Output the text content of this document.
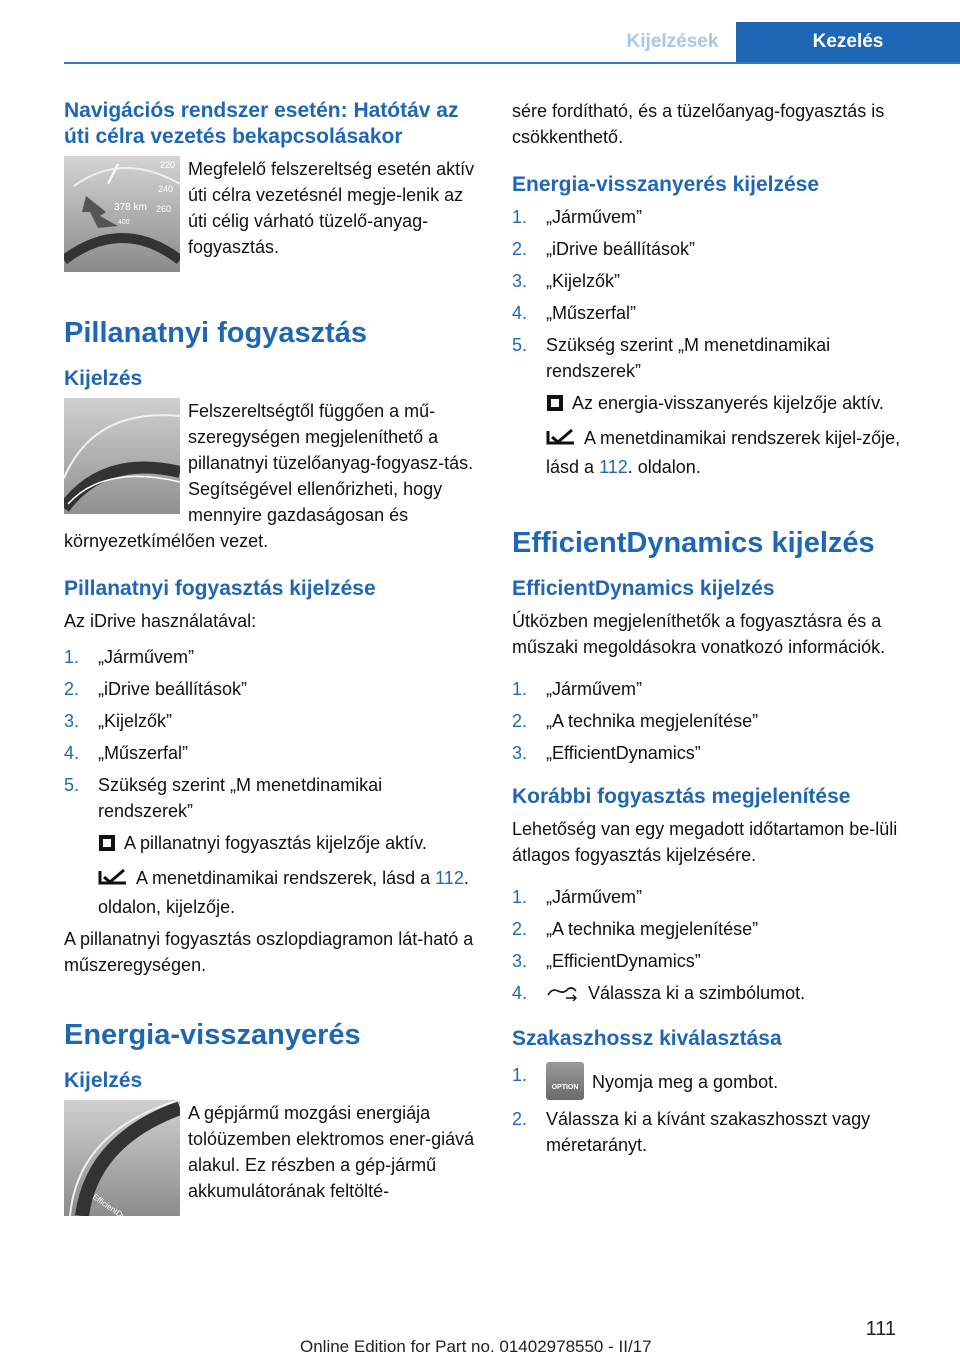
Kijelzések	Kezelés
Navigációs rendszer esetén: Hatótáv az úti célra vezetés bekapcsolásakor
220
240
260
378 km
400

Megfelelő felszereltség esetén aktív úti célra vezetésnél megje-lenik az úti célig várható tüzelő-anyag-fogyasztás.

Pillanatnyi fogyasztás
Kijelzés

Felszereltségtől függően a mű-szeregységen megjeleníthető a pillanatnyi tüzelőanyag-fogyasz-tás. Segítségével ellenőrizheti, hogy mennyire gazdaságosan és környezetkímélően vezet.

Pillanatnyi fogyasztás kijelzése

Az iDrive használatával:

1. „Járművem”
2. „iDrive beállítások”
3. „Kijelzők”
4. „Műszerfal”
5. Szükség szerint „M menetdinamikai rendszerek”
A pillanatnyi fogyasztás kijelzője aktív.
A menetdinamikai rendszerek, lásd a 112. oldalon, kijelzője.

A pillanatnyi fogyasztás oszlopdiagramon lát-ható a műszeregységen.

Energia-visszanyerés
Kijelzés

A gépjármű mozgási energiája tolóüzemben elektromos ener-giává alakul. Ez részben a gép-jármű akkumulátorának feltölté-

sére fordítható, és a tüzelőanyag-fogyasztás is csökkenthető.

Energia-visszanyerés kijelzése
1. „Járművem”
2. „iDrive beállítások”
3. „Kijelzők”
4. „Műszerfal”
5. Szükség szerint „M menetdinamikai rendszerek”
Az energia-visszanyerés kijelzője aktív.
A menetdinamikai rendszerek kijel-zője, lásd a 112. oldalon.
EfficientDynamics kijelzés
EfficientDynamics kijelzés

Útközben megjeleníthetők a fogyasztásra és a műszaki megoldásokra vonatkozó információk.

1. „Járművem”
2. „A technika megjelenítése”
3. „EfficientDynamics”
Korábbi fogyasztás megjelenítése

Lehetőség van egy megadott időtartamon be-lüli átlagos fogyasztás kijelzésére.

1. „Járművem”
2. „A technika megjelenítése”
3. „EfficientDynamics”
4.	Válassza ki a szimbólumot.
Szakaszhossz kiválasztása
1.
OPTION Nyomja meg a gombot.
2. Válassza ki a kívánt szakaszhosszt vagy méretarányt.
111
Online Edition for Part no. 01402978550 - II/17
